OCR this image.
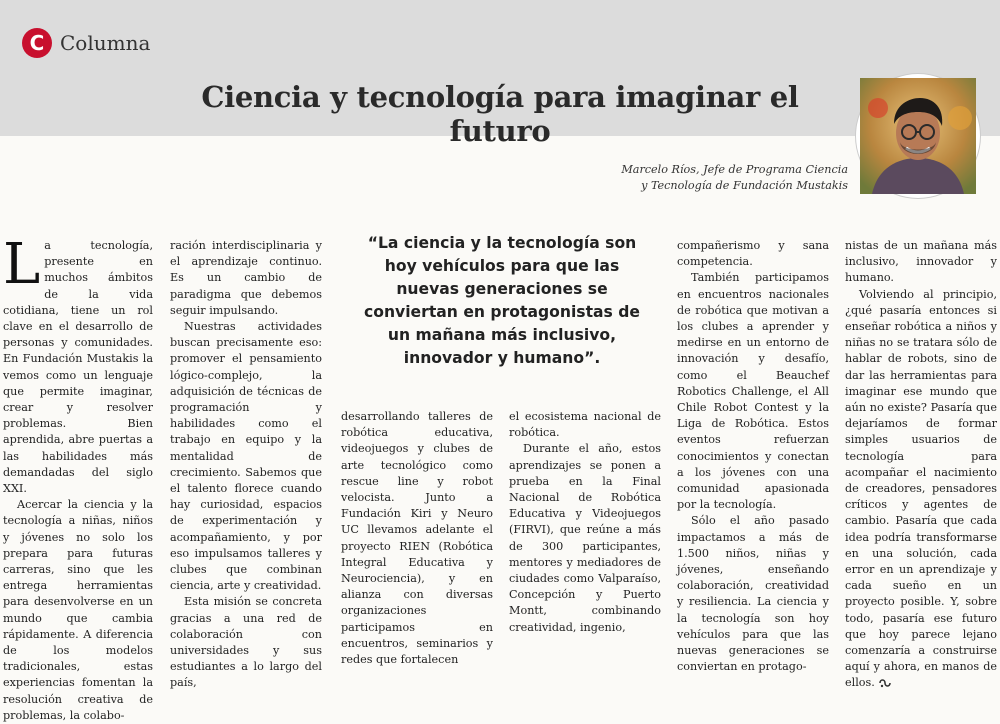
C Columna
Ciencia y tecnología para imaginar el futuro
Marcelo Ríos, Jefe de Programa Ciencia
y Tecnología de Fundación Mustakis

La tecnología, presente en muchos ámbitos de la vida cotidiana, tiene un rol clave en el desarrollo de personas y comunidades. En Fundación Mustakis la vemos como un lenguaje que permite imaginar, crear y resolver problemas. Bien aprendida, abre puertas a las habilidades más demandadas del siglo XXI.

Acercar la ciencia y la tecnología a niñas, niños y jóvenes no solo los prepara para futuras carreras, sino que les entrega herramientas para desenvolverse en un mundo que cambia rápidamente. A diferencia de los modelos tradicionales, estas experiencias fomentan la resolución creativa de problemas, la colabo-

ración interdisciplinaria y el aprendizaje continuo. Es un cambio de paradigma que debemos seguir impulsando.

Nuestras actividades buscan precisamente eso: promover el pensamiento lógico-complejo, la adquisición de técnicas de programación y habilidades como el trabajo en equipo y la mentalidad de crecimiento. Sabemos que el talento florece cuando hay curiosidad, espacios de experimentación y acompañamiento, y por eso impulsamos talleres y clubes que combinan ciencia, arte y creatividad.

Esta misión se concreta gracias a una red de colaboración con universidades y sus estudiantes a lo largo del país,

“La ciencia y la tecnología son hoy vehículos para que las nuevas generaciones se conviertan en protagonistas de un mañana más inclusivo, innovador y humano”.

desarrollando talleres de robótica educativa, videojuegos y clubes de arte tecnológico como rescue line y robot velocista. Junto a Fundación Kiri y Neuro UC llevamos adelante el proyecto RIEN (Robótica Integral Educativa y Neurociencia), y en alianza con diversas organizaciones participamos en encuentros, seminarios y redes que fortalecen

el ecosistema nacional de robótica.

Durante el año, estos aprendizajes se ponen a prueba en la Final Nacional de Robótica Educativa y Videojuegos (FIRVI), que reúne a más de 300 participantes, mentores y mediadores de ciudades como Valparaíso, Concepción y Puerto Montt, combinando creatividad, ingenio,

compañerismo y sana competencia.

También participamos en encuentros nacionales de robótica que motivan a los clubes a aprender y medirse en un entorno de innovación y desafío, como el Beauchef Robotics Challenge, el All Chile Robot Contest y la Liga de Robótica. Estos eventos refuerzan conocimientos y conectan a los jóvenes con una comunidad apasionada por la tecnología.

Sólo el año pasado impactamos a más de 1.500 niños, niñas y jóvenes, enseñando colaboración, creatividad y resiliencia. La ciencia y la tecnología son hoy vehículos para que las nuevas generaciones se conviertan en protago-

nistas de un mañana más inclusivo, innovador y humano.

Volviendo al principio, ¿qué pasaría entonces si enseñar robótica a niños y niñas no se tratara sólo de hablar de robots, sino de dar las herramientas para imaginar ese mundo que aún no existe? Pasaría que dejaríamos de formar simples usuarios de tecnología para acompañar el nacimiento de creadores, pensadores críticos y agentes de cambio. Pasaría que cada idea podría transformarse en una solución, cada error en un aprendizaje y cada sueño en un proyecto posible. Y, sobre todo, pasaría ese futuro que hoy parece lejano comenzaría a construirse aquí y ahora, en manos de ellos.
